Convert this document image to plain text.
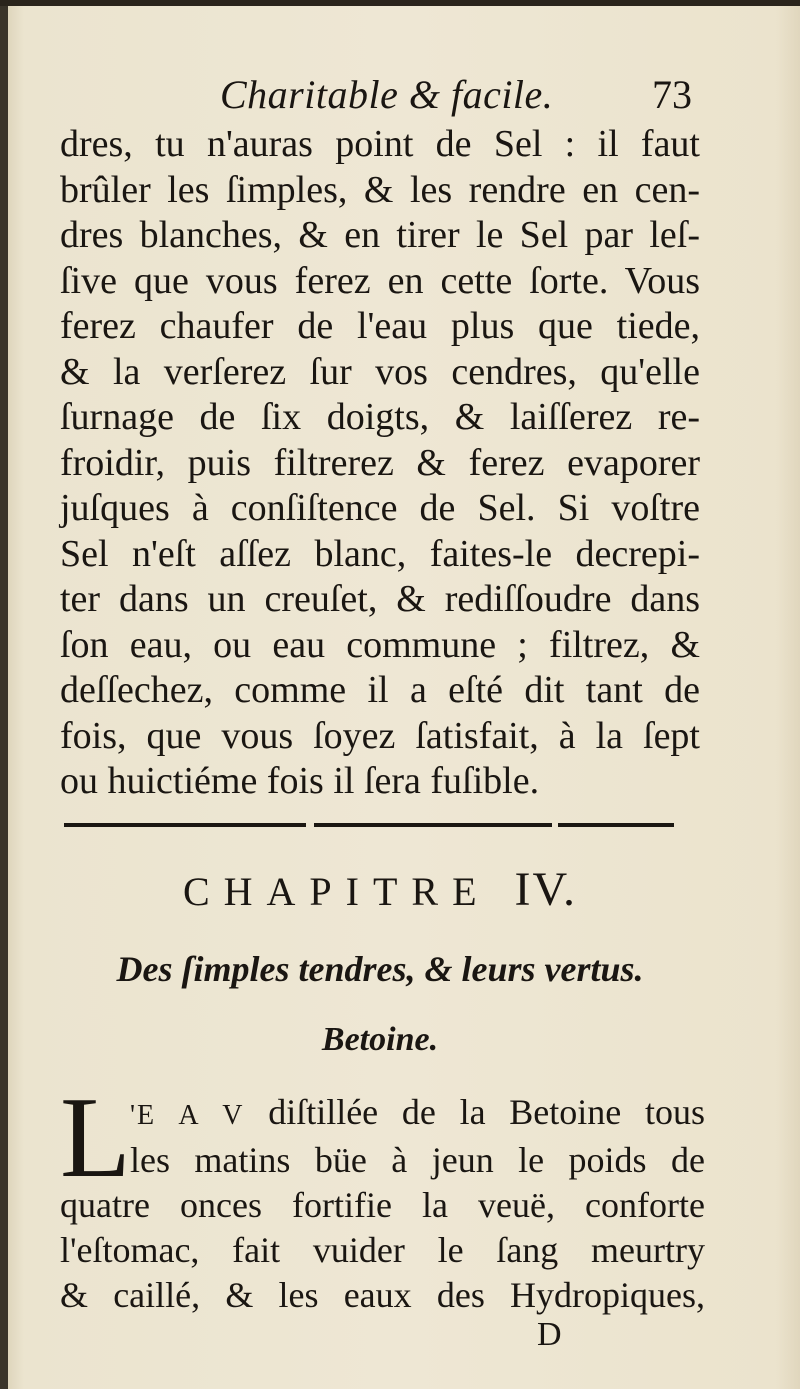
Charitable & facile. 73
dres, tu n'auras point de Sel : il faut
brûler les ſimples, & les rendre en cen-
dres blanches, & en tirer le Sel par leſ-
ſive que vous ferez en cette ſorte. Vous
ferez chaufer de l'eau plus que tiede,
& la verſerez ſur vos cendres, qu'elle
ſurnage de ſix doigts, & laiſſerez re-
froidir, puis filtrerez & ferez evaporer
juſques à conſiſtence de Sel. Si voſtre
Sel n'eſt aſſez blanc, faites-le decrepi-
ter dans un creuſet, & rediſſoudre dans
ſon eau, ou eau commune ; filtrez, &
deſſechez, comme il a eſté dit tant de
fois, que vous ſoyez ſatisfait, à la ſept
ou huictiéme fois il ſera fuſible.
CHAPITRE IV.
Des ſimples tendres, & leurs vertus.
Betoine.
L 'E A V diſtillée de la Betoine tous
les matins büe à jeun le poids de
quatre onces fortifie la veuë, conforte
l'eſtomac, fait vuider le ſang meurtry
& caillé, & les eaux des Hydropiques,
D
